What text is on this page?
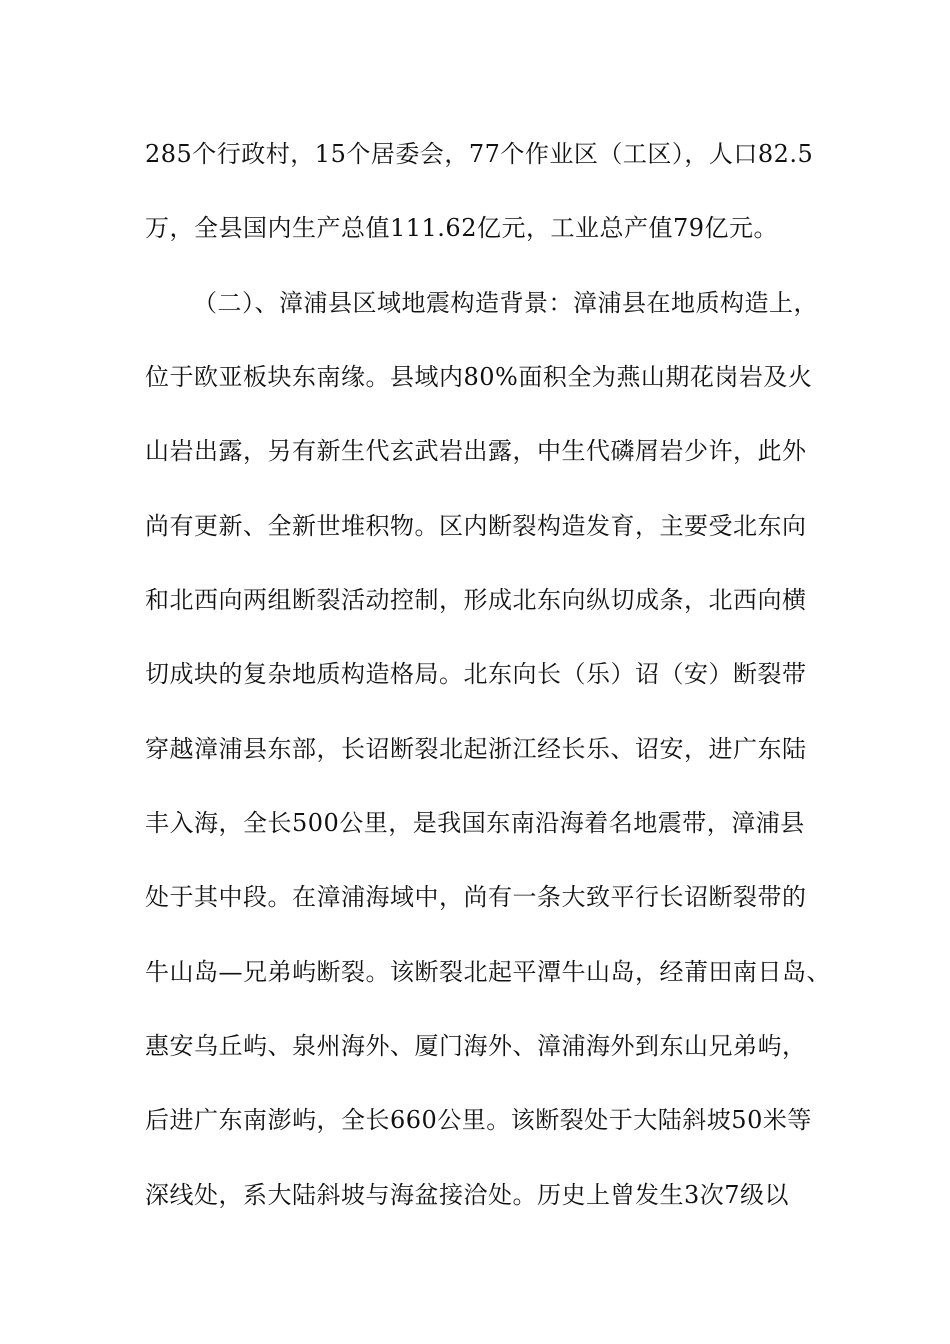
285个行政村，15个居委会，77个作业区（工区），人口82.5
万，全县国内生产总值111.62亿元，工业总产值79亿元。
（二）、漳浦县区域地震构造背景：漳浦县在地质构造上，
位于欧亚板块东南缘。县域内80%面积全为燕山期花岗岩及火
山岩出露，另有新生代玄武岩出露，中生代磷屑岩少许，此外
尚有更新、全新世堆积物。区内断裂构造发育，主要受北东向
和北西向两组断裂活动控制，形成北东向纵切成条，北西向横
切成块的复杂地质构造格局。北东向长（乐）诏（安）断裂带
穿越漳浦县东部，长诏断裂北起浙江经长乐、诏安，进广东陆
丰入海，全长500公里，是我国东南沿海着名地震带，漳浦县
处于其中段。在漳浦海域中，尚有一条大致平行长诏断裂带的
牛山岛—兄弟屿断裂。该断裂北起平潭牛山岛，经莆田南日岛、
惠安乌丘屿、泉州海外、厦门海外、漳浦海外到东山兄弟屿，
后进广东南澎屿，全长660公里。该断裂处于大陆斜坡50米等
深线处，系大陆斜坡与海盆接洽处。历史上曾发生3次7级以
